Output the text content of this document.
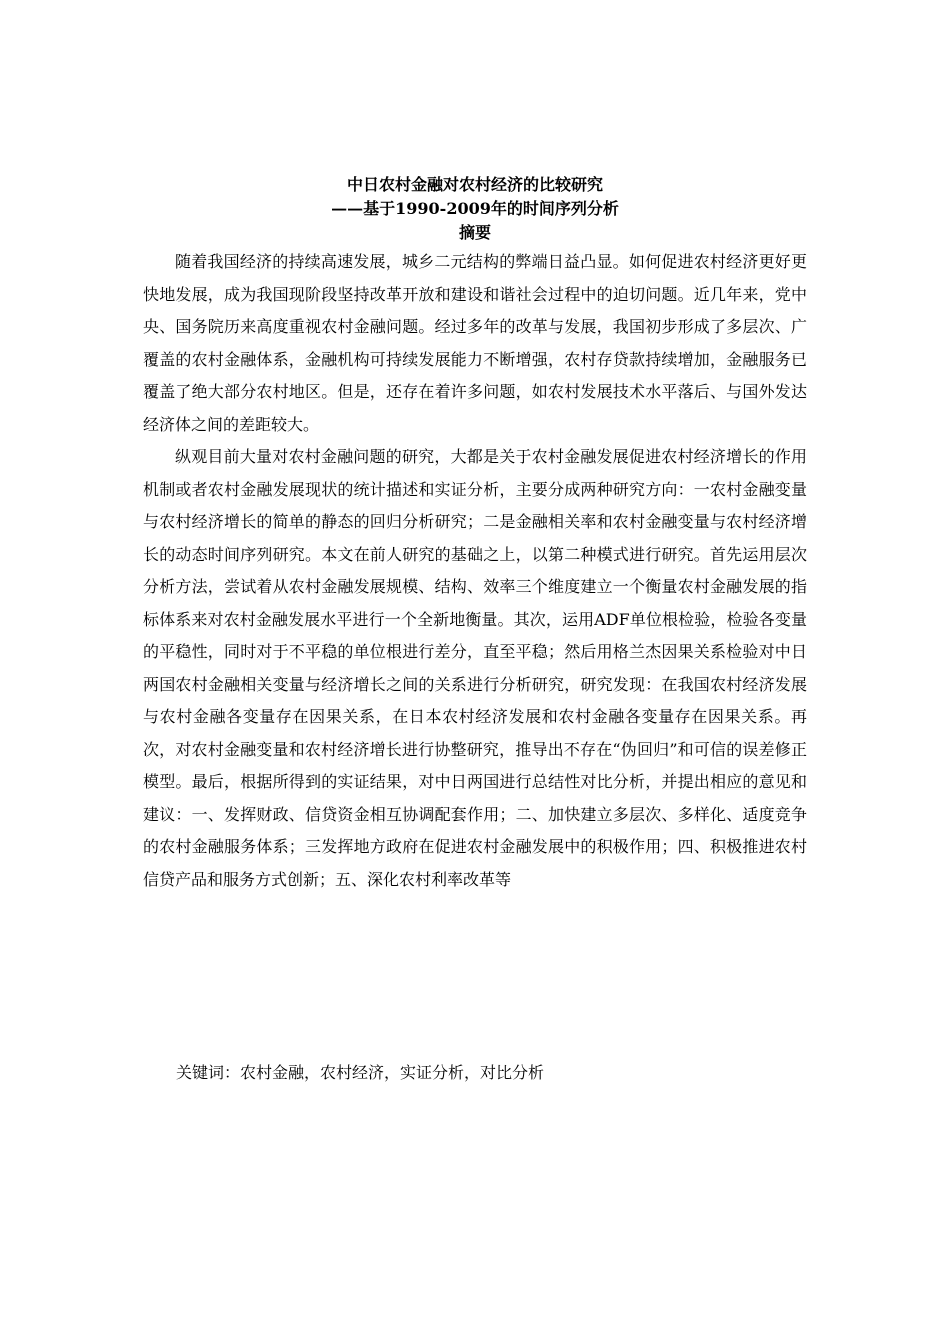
中日农村金融对农村经济的比较研究
——基于1990-2009年的时间序列分析
摘要

随着我国经济的持续高速发展，城乡二元结构的弊端日益凸显。如何促进农村经济更好更快地发展，成为我国现阶段坚持改革开放和建设和谐社会过程中的迫切问题。近几年来，党中央、国务院历来高度重视农村金融问题。经过多年的改革与发展，我国初步形成了多层次、广覆盖的农村金融体系，金融机构可持续发展能力不断增强，农村存贷款持续增加，金融服务已覆盖了绝大部分农村地区。但是，还存在着许多问题，如农村发展技术水平落后、与国外发达经济体之间的差距较大。

纵观目前大量对农村金融问题的研究，大都是关于农村金融发展促进农村经济增长的作用机制或者农村金融发展现状的统计描述和实证分析，主要分成两种研究方向：一农村金融变量与农村经济增长的简单的静态的回归分析研究；二是金融相关率和农村金融变量与农村经济增长的动态时间序列研究。本文在前人研究的基础之上，以第二种模式进行研究。首先运用层次分析方法，尝试着从农村金融发展规模、结构、效率三个维度建立一个衡量农村金融发展的指标体系来对农村金融发展水平进行一个全新地衡量。其次，运用ADF单位根检验，检验各变量的平稳性，同时对于不平稳的单位根进行差分，直至平稳；然后用格兰杰因果关系检验对中日两国农村金融相关变量与经济增长之间的关系进行分析研究，研究发现：在我国农村经济发展与农村金融各变量存在因果关系，在日本农村经济发展和农村金融各变量存在因果关系。再次，对农村金融变量和农村经济增长进行协整研究，推导出不存在“伪回归”和可信的误差修正模型。最后，根据所得到的实证结果，对中日两国进行总结性对比分析，并提出相应的意见和建议：一、发挥财政、信贷资金相互协调配套作用；二、加快建立多层次、多样化、适度竞争的农村金融服务体系；三发挥地方政府在促进农村金融发展中的积极作用；四、积极推进农村信贷产品和服务方式创新；五、深化农村利率改革等

关键词：农村金融，农村经济，实证分析，对比分析
